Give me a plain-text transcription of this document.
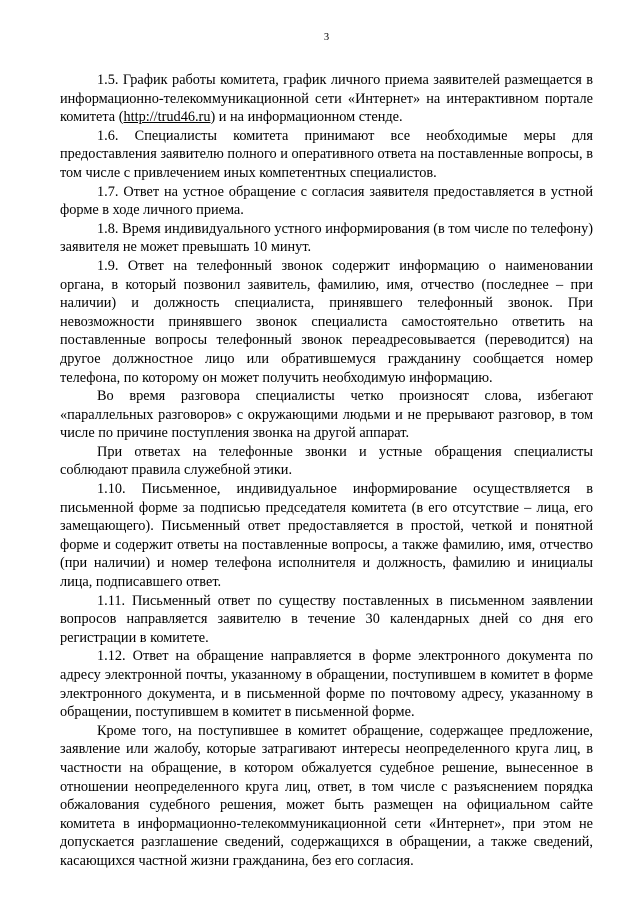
3

1.5. График работы комитета, график личного приема заявителей размещается в информационно-телекоммуникационной сети «Интернет» на интерактивном портале комитета (http://trud46.ru) и на информационном стенде.

1.6. Специалисты комитета принимают все необходимые меры для предоставления заявителю полного и оперативного ответа на поставленные вопросы, в том числе с привлечением иных компетентных специалистов.

1.7. Ответ на устное обращение с согласия заявителя предоставляется в устной форме в ходе личного приема.

1.8. Время индивидуального устного информирования (в том числе по телефону) заявителя не может превышать 10 минут.

1.9. Ответ на телефонный звонок содержит информацию о наименовании органа, в который позвонил заявитель, фамилию, имя, отчество (последнее – при наличии) и должность специалиста, принявшего телефонный звонок. При невозможности принявшего звонок специалиста самостоятельно ответить на поставленные вопросы телефонный звонок переадресовывается (переводится) на другое должностное лицо или обратившемуся гражданину сообщается номер телефона, по которому он может получить необходимую информацию.

Во время разговора специалисты четко произносят слова, избегают «параллельных разговоров» с окружающими людьми и не прерывают разговор, в том числе по причине поступления звонка на другой аппарат.

При ответах на телефонные звонки и устные обращения специалисты соблюдают правила служебной этики.

1.10. Письменное, индивидуальное информирование осуществляется в письменной форме за подписью председателя комитета (в его отсутствие – лица, его замещающего). Письменный ответ предоставляется в простой, четкой и понятной форме и содержит ответы на поставленные вопросы, а также фамилию, имя, отчество (при наличии) и номер телефона исполнителя и должность, фамилию и инициалы лица, подписавшего ответ.

1.11. Письменный ответ по существу поставленных в письменном заявлении вопросов направляется заявителю в течение 30 календарных дней со дня его регистрации в комитете.

1.12. Ответ на обращение направляется в форме электронного документа по адресу электронной почты, указанному в обращении, поступившем в комитет в форме электронного документа, и в письменной форме по почтовому адресу, указанному в обращении, поступившем в комитет в письменной форме.

Кроме того, на поступившее в комитет обращение, содержащее предложение, заявление или жалобу, которые затрагивают интересы неопределенного круга лиц, в частности на обращение, в котором обжалуется судебное решение, вынесенное в отношении неопределенного круга лиц, ответ, в том числе с разъяснением порядка обжалования судебного решения, может быть размещен на официальном сайте комитета в информационно-телекоммуникационной сети «Интернет», при этом не допускается разглашение сведений, содержащихся в обращении, а также сведений, касающихся частной жизни гражданина, без его согласия.
